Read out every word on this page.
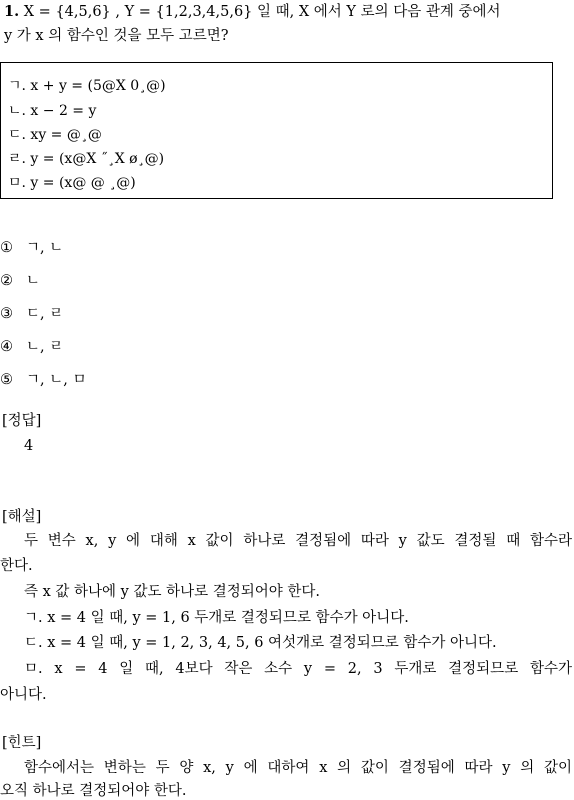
1. X = {4,5,6} , Y = {1,2,3,4,5,6} 일 때, X 에서 Y 로의 다음 관계 중에서
y 가 x 의 함수인 것을 모두 고르면?
ㄱ. x + y = (5@X 0¸@)
ㄴ. x − 2 = y
ㄷ. xy = @¸@
ㄹ. y = (x@X ˝¸X ø¸@)
ㅁ. y = (x@ @ ¸@)
① ㄱ, ㄴ
② ㄴ
③ ㄷ, ㄹ
④ ㄴ, ㄹ
⑤ ㄱ, ㄴ, ㅁ
[정답]
4
[해설]
두 변수 x, y 에 대해 x 값이 하나로 결정됨에 따라 y 값도 결정될 때 함수라
한다.
즉 x 값 하나에 y 값도 하나로 결정되어야 한다.
ㄱ. x = 4 일 때, y = 1, 6 두개로 결정되므로 함수가 아니다.
ㄷ. x = 4 일 때, y = 1, 2, 3, 4, 5, 6 여섯개로 결정되므로 함수가 아니다.
ㅁ. x = 4 일 때, 4보다 작은 소수 y = 2, 3 두개로 결정되므로 함수가
아니다.
[힌트]
함수에서는 변하는 두 양 x, y 에 대하여 x 의 값이 결정됨에 따라 y 의 값이
오직 하나로 결정되어야 한다.
